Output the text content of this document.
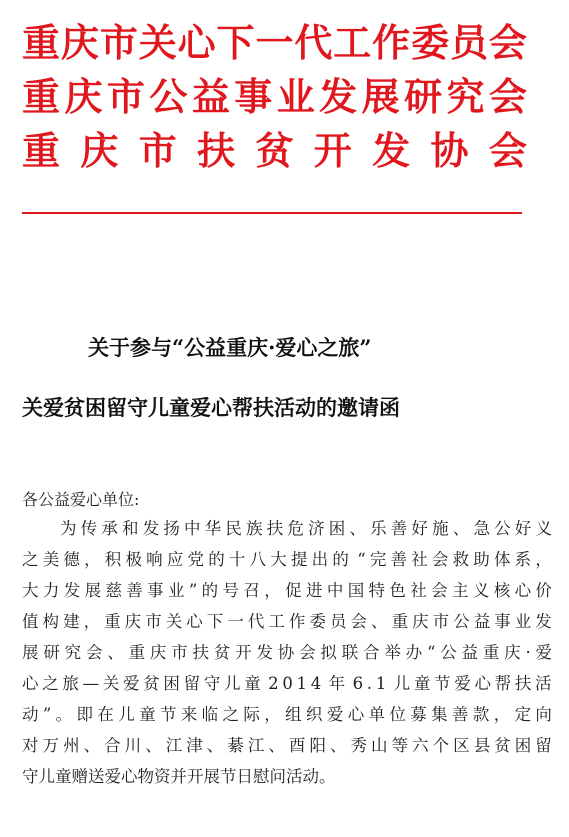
重 庆 市 关 心 下 一 代 工 作 委 员 会
重 庆 市 公 益 事 业 发 展 研 究 会
重 庆 市 扶 贫 开 发 协 会
关于参与“公益重庆·爱心之旅”
关爱贫困留守儿童爱心帮扶活动的邀请函
各公益爱心单位:
为 传 承 和 发 扬 中 华 民 族 扶 危 济 困 、 乐 善 好 施 、 急 公 好 义
之 美 德 ， 积 极 响 应 党 的 十 八 大 提 出 的 “ 完 善 社 会 救 助 体 系 ，
大 力 发 展 慈 善 事 业 ” 的 号 召 ， 促 进 中 国 特 色 社 会 主 义 核 心 价
值 构 建 ， 重 庆 市 关 心 下 一 代 工 作 委 员 会 、 重 庆 市 公 益 事 业 发
展 研 究 会 、 重 庆 市 扶 贫 开 发 协 会 拟 联 合 举 办 “ 公 益 重 庆 · 爱
心 之 旅 — 关 爱 贫 困 留 守 儿 童 2 0 1 4 年 6 . 1 儿 童 节 爱 心 帮 扶 活
动 ” 。 即 在 儿 童 节 来 临 之 际 ， 组 织 爱 心 单 位 募 集 善 款 ， 定 向
对 万 州 、 合 川 、 江 津 、 綦 江 、 酉 阳 、 秀 山 等 六 个 区 县 贫 困 留
守儿童赠送爱心物资并开展节日慰问活动。
